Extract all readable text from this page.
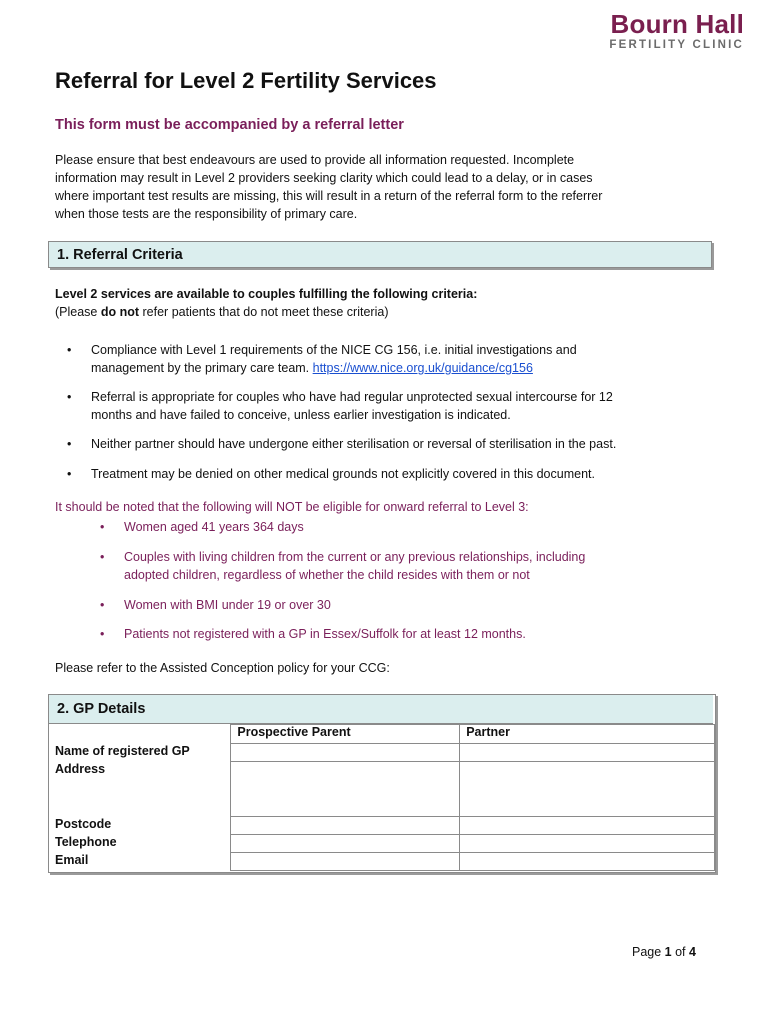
Bourn Hall
FERTILITY CLINIC
Referral for Level 2 Fertility Services
This form must be accompanied by a referral letter
Please ensure that best endeavours are used to provide all information requested. Incomplete
information may result in Level 2 providers seeking clarity which could lead to a delay, or in cases
where important test results are missing, this will result in a return of the referral form to the referrer
when those tests are the responsibility of primary care.
1. Referral Criteria
Level 2 services are available to couples fulfilling the following criteria:
(Please do not refer patients that do not meet these criteria)
• Compliance with Level 1 requirements of the NICE CG 156, i.e. initial investigations and
management by the primary care team. https://www.nice.org.uk/guidance/cg156
• Referral is appropriate for couples who have had regular unprotected sexual intercourse for 12
months and have failed to conceive, unless earlier investigation is indicated.
• Neither partner should have undergone either sterilisation or reversal of sterilisation in the past.
• Treatment may be denied on other medical grounds not explicitly covered in this document.
It should be noted that the following will NOT be eligible for onward referral to Level 3:
• Women aged 41 years 364 days
• Couples with living children from the current or any previous relationships, including
adopted children, regardless of whether the child resides with them or not
• Women with BMI under 19 or over 30
• Patients not registered with a GP in Essex/Suffolk for at least 12 months.
Please refer to the Assisted Conception policy for your CCG:
2. GP Details
	Prospective Parent	Partner
Name of registered GP		
Address		
Postcode		
Telephone		
Email		
Page 1 of 4
